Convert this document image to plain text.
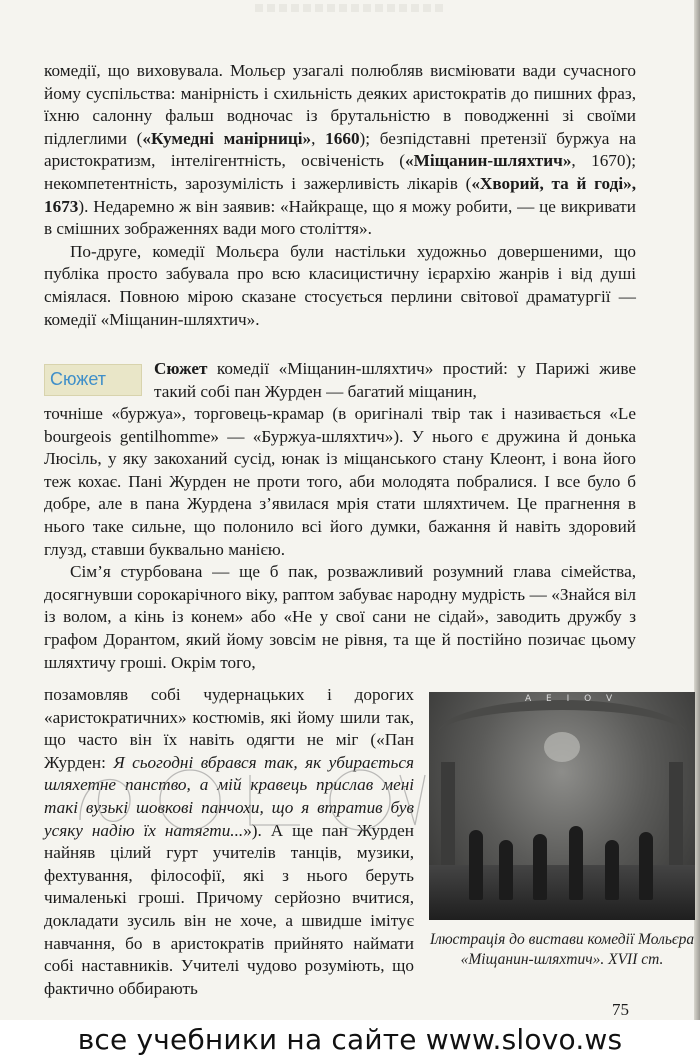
комедії, що виховувала. Мольєр узагалі полюбляв висміювати вади сучасного йому суспільства: манірність і схильність деяких аристократів до пишних фраз, їхню салонну фальш водночас із брутальністю в поводженні зі своїми підлеглими («Кумедні манірниці», 1660); безпідставні претензії буржуа на аристократизм, інтелігентність, освіченість («Міщанин-шляхтич», 1670); некомпетентність, зарозумілість і зажерливість лікарів («Хворий, та й годі», 1673). Недаремно ж він заявив: «Найкраще, що я можу робити, — це викривати в смішних зображеннях вади мого століття».

По-друге, комедії Мольєра були настільки художньо довершеними, що публіка просто забувала про всю класицистичну ієрархію жанрів і від душі сміялася. Повною мірою сказане стосується перлини світової драматургії — комедії «Міщанин-шляхтич».

Сюжет

Сюжет комедії «Міщанин-шляхтич» простий: у Парижі живе такий собі пан Журден — багатий міщанин,

точніше «буржуа», торговець-крамар (в оригіналі твір так і називається «Le bourgeois gentilhomme» — «Буржуа-шляхтич»). У нього є дружина й донька Люсіль, у яку закоханий сусід, юнак із міщанського стану Клеонт, і вона його теж кохає. Пані Журден не проти того, аби молодята побралися. І все було б добре, але в пана Журдена з’явилася мрія стати шляхтичем. Це прагнення в нього таке сильне, що полонило всі його думки, бажання й навіть здоровий глузд, ставши буквально манією.

Сім’я стурбована — ще б пак, розважливий розумний глава сімейства, досягнувши сорокарічного віку, раптом забуває народну мудрість — «Знайся віл із волом, а кінь із конем» або «Не у свої сани не сідай», заводить дружбу з графом Дорантом, який йому зовсім не рівня, та ще й постійно позичає цьому шляхтичу гроші. Окрім того,

позамовляв собі чудернацьких і дорогих «аристократичних» костюмів, які йому шили так, що часто він їх навіть одягти не міг («Пан Журден: Я сьогодні вбрався так, як убирається шляхетне панство, а мій кравець прислав мені такі вузькі шовкові панчохи, що я втратив був усяку надію їх натягти...»). А ще пан Журден найняв цілий гурт учителів танців, музики, фехтування, філософії, які з нього беруть чималенькі гроші. Причому серйозно вчитися, докладати зусиль він не хоче, а швидше імітує навчання, бо в аристократів прийнято наймати собі наставників. Учителі чудово розуміють, що фактично оббирають

A E I O V
Ілюстрація до вистави комедії Мольєра «Міщанин-шляхтич». XVII ст.
75
все учебники на сайте www.slovo.ws
